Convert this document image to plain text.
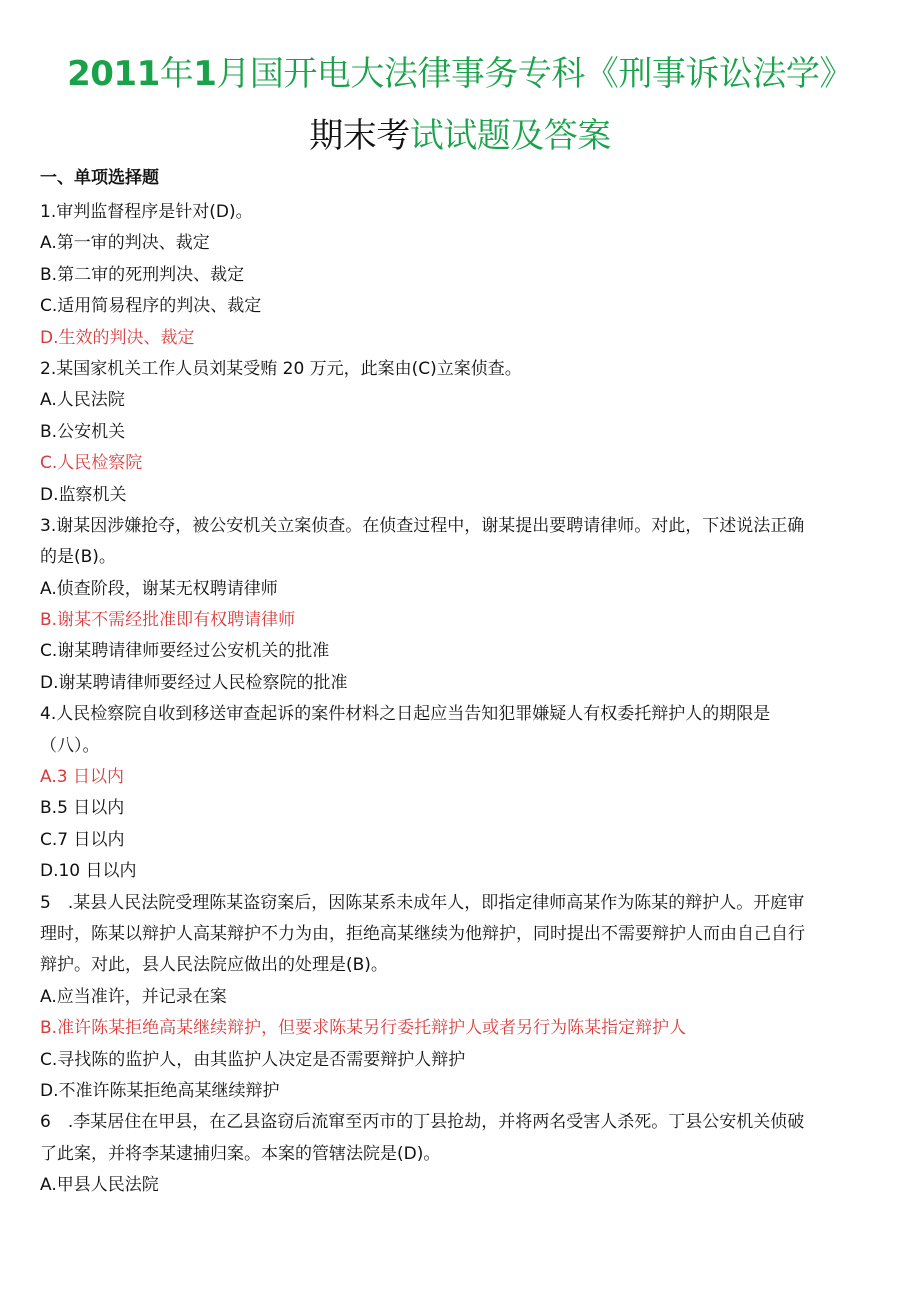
2011年1月国开电大法律事务专科《刑事诉讼法学》
期末考试试题及答案
一、单项选择题
1.审判监督程序是针对(D)。
A.第一审的判决、裁定
B.第二审的死刑判决、裁定
C.适用简易程序的判决、裁定
D.生效的判决、裁定
2.某国家机关工作人员刘某受贿 20 万元，此案由(C)立案侦查。
A.人民法院
B.公安机关
C.人民检察院
D.监察机关
3.谢某因涉嫌抢夺，被公安机关立案侦查。在侦查过程中，谢某提出要聘请律师。对此，下述说法正确
的是(B)。
A.侦查阶段，谢某无权聘请律师
B.谢某不需经批准即有权聘请律师
C.谢某聘请律师要经过公安机关的批准
D.谢某聘请律师要经过人民检察院的批准
4.人民检察院自收到移送审查起诉的案件材料之日起应当告知犯罪嫌疑人有权委托辩护人的期限是
（八）。
A.3 日以内
B.5 日以内
C.7 日以内
D.10 日以内
5　.某县人民法院受理陈某盗窃案后，因陈某系未成年人，即指定律师高某作为陈某的辩护人。开庭审
理时，陈某以辩护人高某辩护不力为由，拒绝高某继续为他辩护，同时提出不需要辩护人而由自己自行
辩护。对此，县人民法院应做出的处理是(B)。
A.应当准许，并记录在案
B.准许陈某拒绝高某继续辩护，但要求陈某另行委托辩护人或者另行为陈某指定辩护人
C.寻找陈的监护人，由其监护人决定是否需要辩护人辩护
D.不准许陈某拒绝高某继续辩护
6　.李某居住在甲县，在乙县盗窃后流窜至丙市的丁县抢劫，并将两名受害人杀死。丁县公安机关侦破
了此案，并将李某逮捕归案。本案的管辖法院是(D)。
A.甲县人民法院
